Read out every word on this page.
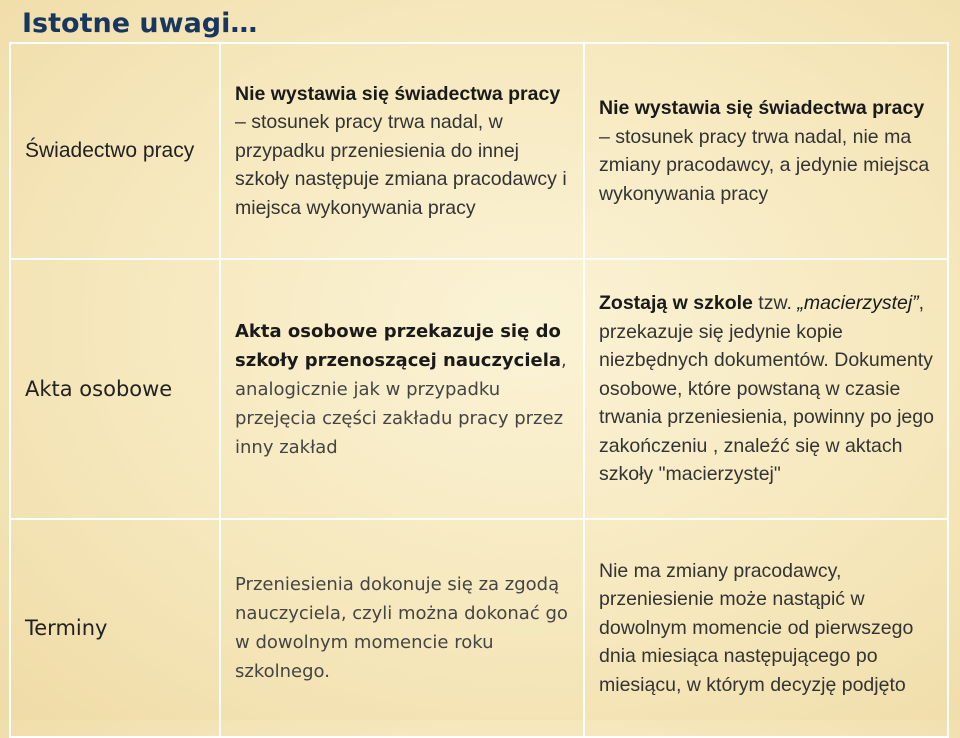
Istotne uwagi…
Świadectwo pracy	Nie wystawia się świadectwa pracy – stosunek pracy trwa nadal, w przypadku przeniesienia do innej szkoły następuje zmiana pracodawcy i miejsca wykonywania pracy	Nie wystawia się świadectwa pracy – stosunek pracy trwa nadal, nie ma zmiany pracodawcy, a jedynie miejsca wykonywania pracy
Akta osobowe	Akta osobowe przekazuje się do szkoły przenoszącej nauczyciela, analogicznie jak w przypadku przejęcia części zakładu pracy przez inny zakład	Zostają w szkole tzw. „macierzystej”, przekazuje się jedynie kopie niezbędnych dokumentów. Dokumenty osobowe, które powstaną w czasie trwania przeniesienia, powinny po jego zakończeniu , znaleźć się w aktach szkoły "macierzystej"
Terminy	Przeniesienia dokonuje się za zgodą nauczyciela, czyli można dokonać go w dowolnym momencie roku szkolnego.	Nie ma zmiany pracodawcy, przeniesienie może nastąpić w dowolnym momencie od pierwszego dnia miesiąca następującego po miesiącu, w którym decyzję podjęto
